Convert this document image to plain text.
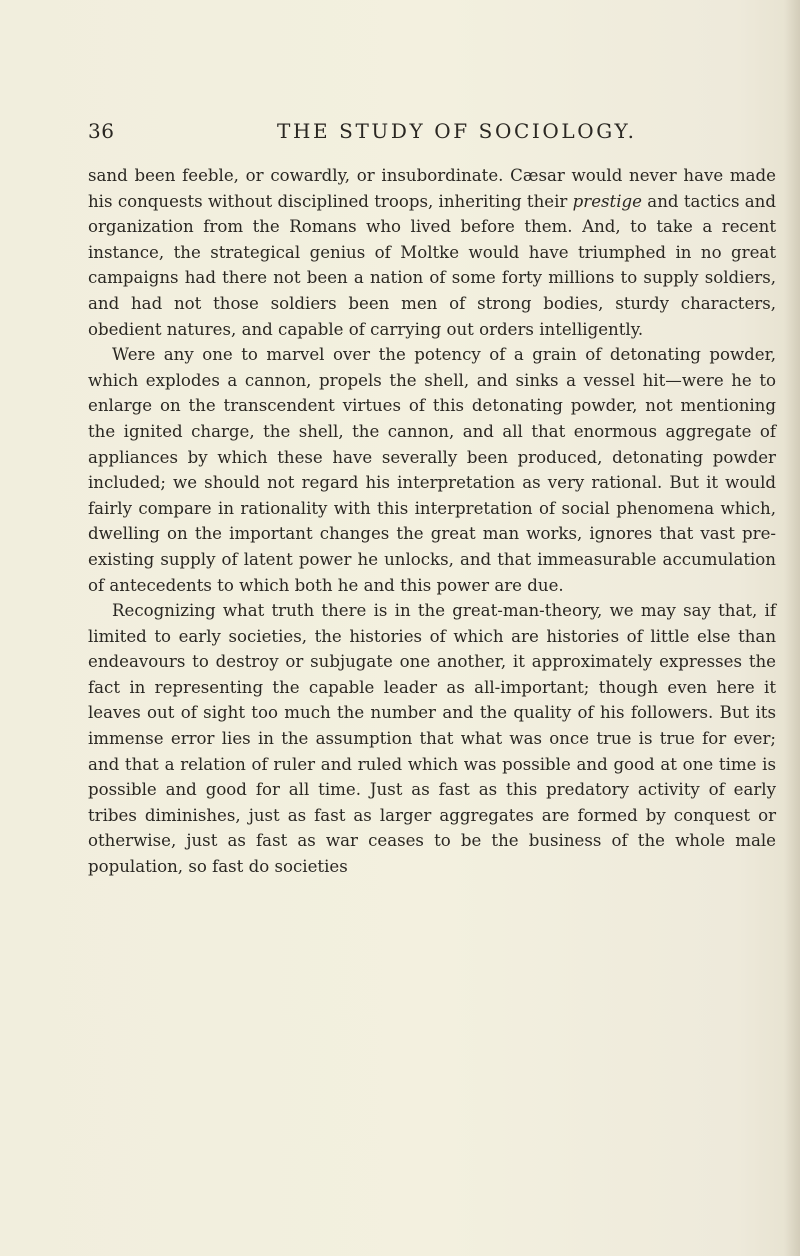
36	THE STUDY OF SOCIOLOGY.

sand been feeble, or cowardly, or insubordinate. Cæsar would never have made his conquests without disciplined troops, inheriting their prestige and tactics and organization from the Romans who lived before them. And, to take a recent instance, the strategical genius of Moltke would have triumphed in no great campaigns had there not been a nation of some forty millions to supply soldiers, and had not those soldiers been men of strong bodies, sturdy characters, obedient natures, and capable of carrying out orders intelligently.

Were any one to marvel over the potency of a grain of detonating powder, which explodes a cannon, propels the shell, and sinks a vessel hit—were he to enlarge on the transcendent virtues of this detonating powder, not mentioning the ignited charge, the shell, the cannon, and all that enormous aggregate of appliances by which these have severally been produced, detonating powder included; we should not regard his interpretation as very rational. But it would fairly compare in rationality with this interpretation of social phenomena which, dwelling on the important changes the great man works, ignores that vast pre-existing supply of latent power he unlocks, and that immeasurable accumulation of antecedents to which both he and this power are due.

Recognizing what truth there is in the great-man-theory, we may say that, if limited to early societies, the histories of which are histories of little else than endeavours to destroy or subjugate one another, it approximately expresses the fact in representing the capable leader as all-important; though even here it leaves out of sight too much the number and the quality of his followers. But its immense error lies in the assumption that what was once true is true for ever; and that a relation of ruler and ruled which was possible and good at one time is possible and good for all time. Just as fast as this predatory activity of early tribes diminishes, just as fast as larger aggregates are formed by conquest or otherwise, just as fast as war ceases to be the business of the whole male population, so fast do societies
